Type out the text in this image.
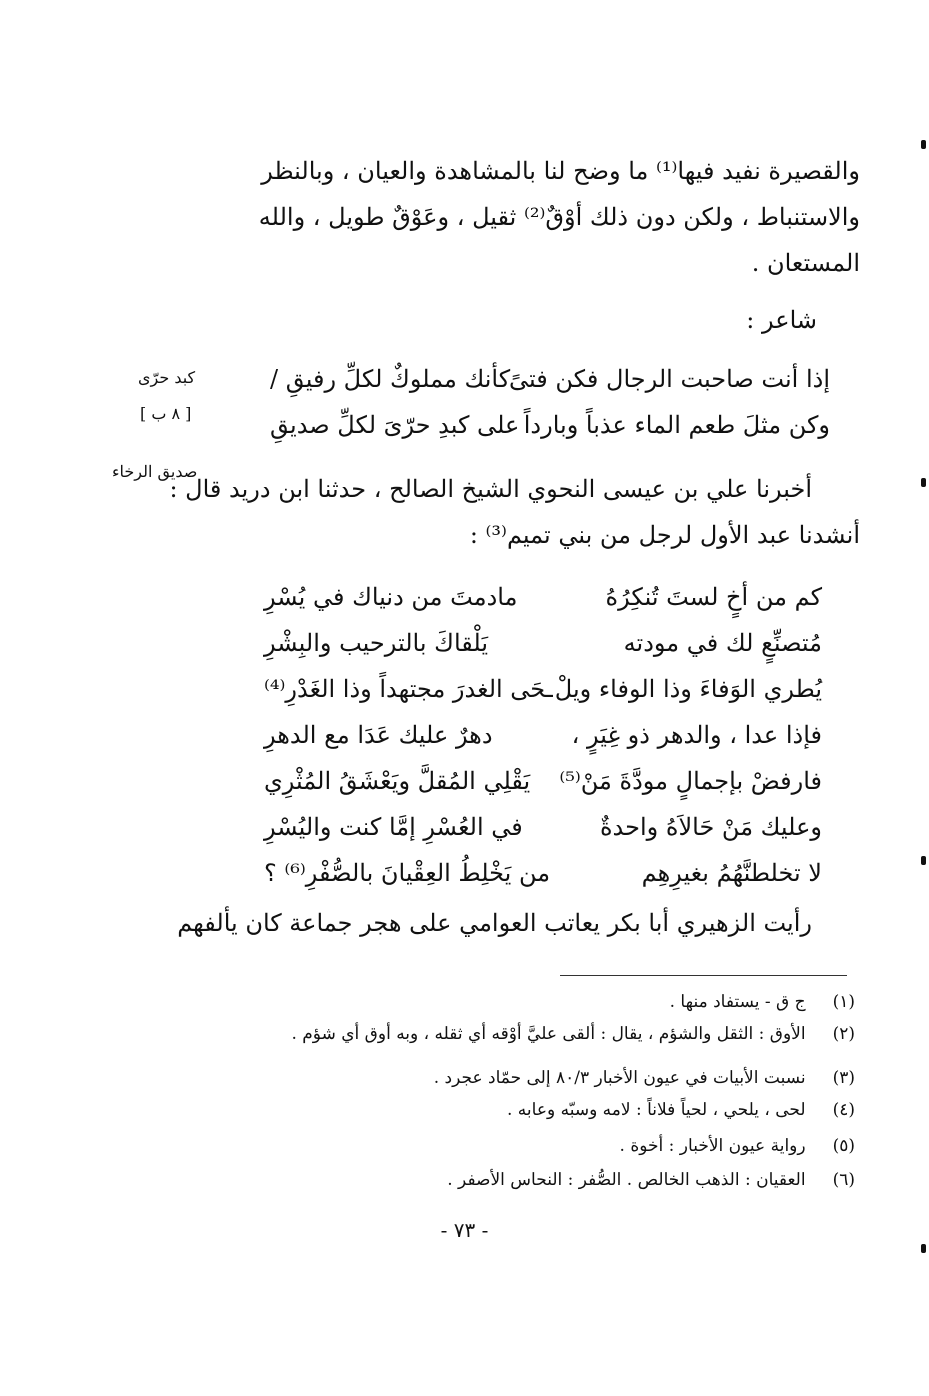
والقصيرة نفيد فيها⁽¹⁾ ما وضح لنا بالمشاهدة والعيان ، وبالنظر
والاستنباط ، ولكن دون ذلك أوْقٌ⁽²⁾ ثقيل ، وعَوْقٌ طويل ، والله
المستعان .
شاعر :
إذا أنت صاحبت الرجال فكن فتىً
كأنك مملوكٌ لكلِّ رفيقِ /
وكن مثلَ طعم الماء عذباً وبارداً
على كبدِ حرّىَ لكلِّ صديقِ
كبد حرّى
[ ٨ ب ]
صديق الرخاء
أخبرنا علي بن عيسى النحوي الشيخ الصالح ، حدثنا ابن دريد قال :
أنشدنا عبد الأول لرجل من بني تميم⁽³⁾ :
كم من أخٍ لستَ تُنكِرُهُ
مادمتَ من دنياك في يُسْرِ
مُتصنِّعٍ لك في مودته
يَلْقاكَ بالترحيب والبِشْرِ
يُطري الوَفاءَ وذا الوفاء ويلْ
ـحَى الغدرَ مجتهداً وذا الغَدْرِ⁽⁴⁾
فإذا عدا ، والدهر ذو غِيَرٍ ،
دهرٌ عليك عَدَا مع الدهرِ
فارفضْ بإجمالٍ مودَّةَ مَنْ⁽⁵⁾
يَقْلِي المُقلَّ ويَعْشَقُ المُثْرِي
وعليك مَنْ حَالاَهُ واحدةٌ
في العُسْرِ إمَّا كنت واليُسْرِ
لا تخلطنَّهُمُ بغيرِهِم
من يَخْلِطُ العِقْيانَ بالصُّفْرِ⁽⁶⁾ ؟
رأيت الزهيري أبا بكر يعاتب العوامي على هجر جماعة كان يألفهم
(١) ج ق - يستفاد منها .
(٢) الأوق : الثقل والشؤم ، يقال : ألقى عليَّ أوْقه أي ثقله ، وبه أوق أي شؤم .
(٣) نسبت الأبيات في عيون الأخبار ٨٠/٣ إلى حمّاد عجرد .
(٤) لحى ، يلحي ، لحياً فلاناً : لامه وسبّه وعابه .
(٥) رواية عيون الأخبار : أخوة .
(٦) العقيان : الذهب الخالص . الصُّفر : النحاس الأصفر .
- ٧٣ -
